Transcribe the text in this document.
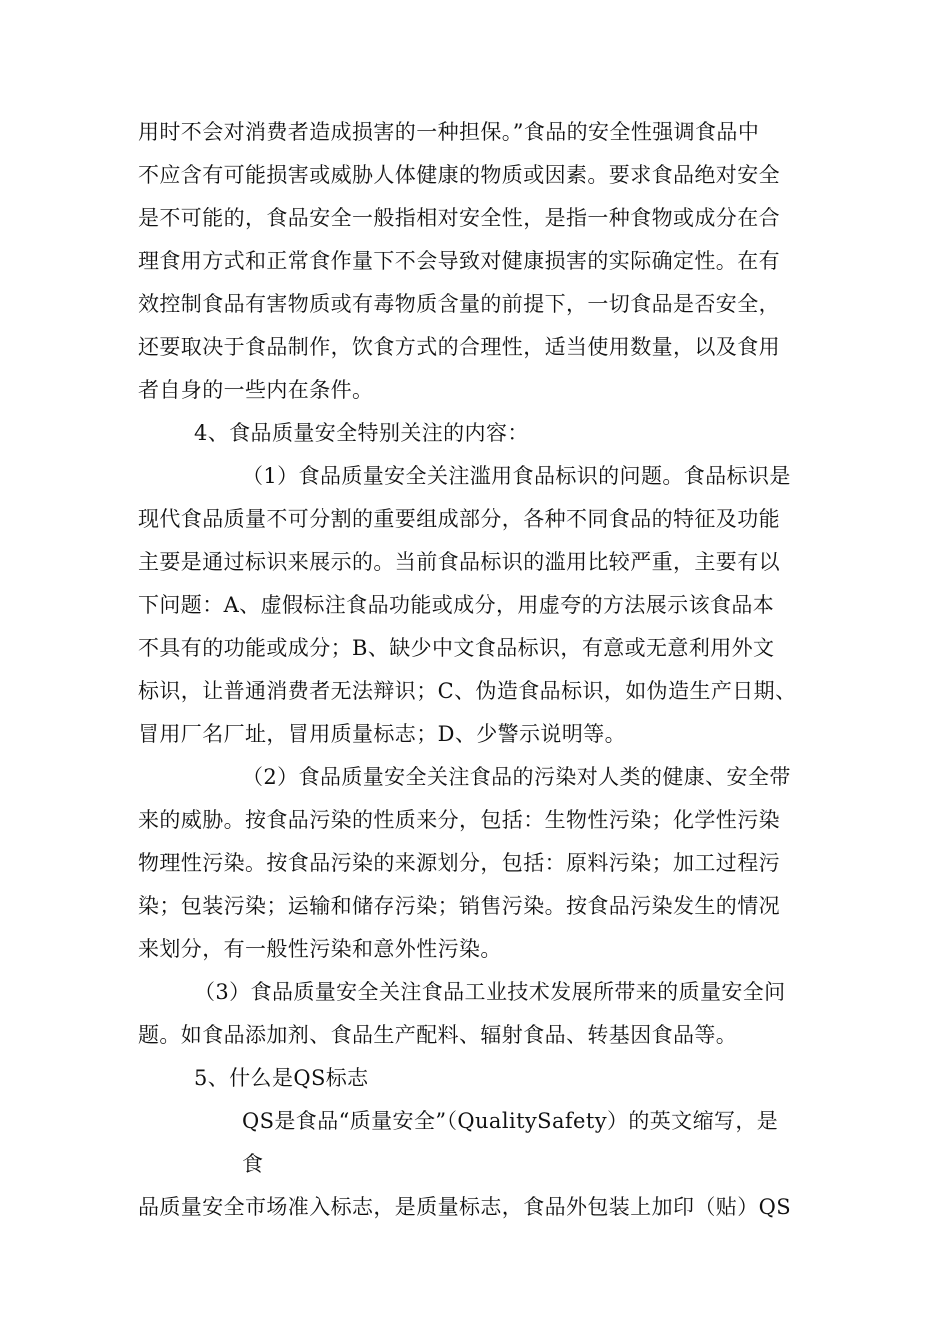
用时不会对消费者造成损害的一种担保。”食品的安全性强调食品中
不应含有可能损害或威胁人体健康的物质或因素。要求食品绝对安全
是不可能的，食品安全一般指相对安全性，是指一种食物或成分在合
理食用方式和正常食作量下不会导致对健康损害的实际确定性。在有
效控制食品有害物质或有毒物质含量的前提下，一切食品是否安全，
还要取决于食品制作，饮食方式的合理性，适当使用数量，以及食用
者自身的一些内在条件。
4、食品质量安全特别关注的内容：
（1）食品质量安全关注滥用食品标识的问题。食品标识是
现代食品质量不可分割的重要组成部分，各种不同食品的特征及功能
主要是通过标识来展示的。当前食品标识的滥用比较严重，主要有以
下问题：A、虚假标注食品功能或成分，用虚夸的方法展示该食品本
不具有的功能或成分；B、缺少中文食品标识，有意或无意利用外文
标识，让普通消费者无法辩识；C、伪造食品标识，如伪造生产日期、
冒用厂名厂址，冒用质量标志；D、少警示说明等。
（2）食品质量安全关注食品的污染对人类的健康、安全带
来的威胁。按食品污染的性质来分，包括：生物性污染；化学性污染
物理性污染。按食品污染的来源划分，包括：原料污染；加工过程污
染；包装污染；运输和储存污染；销售污染。按食品污染发生的情况
来划分，有一般性污染和意外性污染。
（3）食品质量安全关注食品工业技术发展所带来的质量安全问
题。如食品添加剂、食品生产配料、辐射食品、转基因食品等。
5、什么是QS标志
QS是食品“质量安全”（QualitySafety）的英文缩写，是
食
品质量安全市场准入标志，是质量标志，食品外包装上加印（贴）QS
